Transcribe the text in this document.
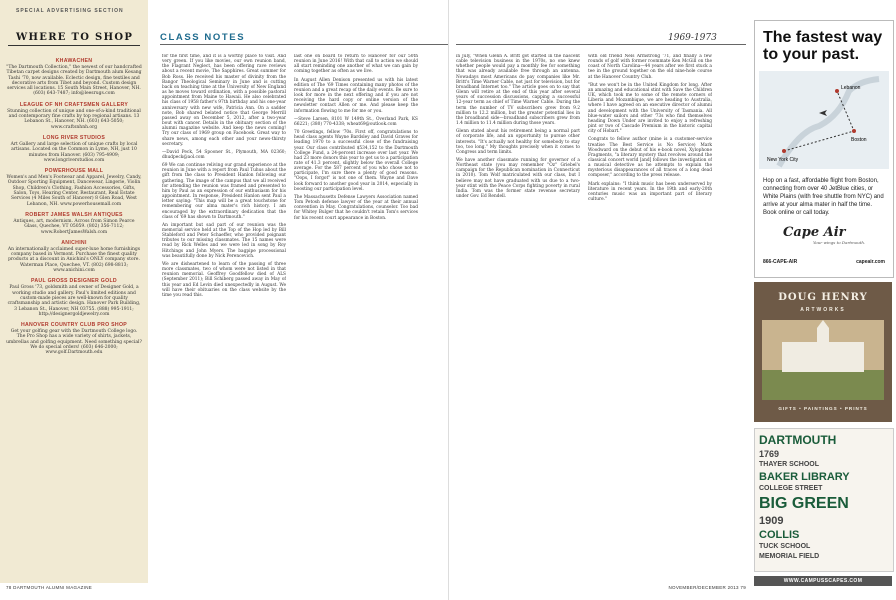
SPECIAL ADVERTISING SECTION
WHERE TO SHOP
KHAWACHEN
"The Dartmouth Collection," the newest of our handcrafted Tibetan carpet designs created by Dartmouth alum Kesang Tashi '70, now available. Eclectic design, fine textiles and decorative arts from Tibet and beyond. Custom design services all locations. 15 South Main Street, Hanover, NH. (603) 643-7487; info@leesrugs.com
LEAGUE OF NH CRAFTSMEN GALLERY
Stunning collection of unique and one-of-a-kind traditional and contemporary fine crafts by top regional artisans. 13 Lebanon St., Hanover, NH. (603) 643-5050; www.craftsnhnh.org
LONG RIVER STUDIOS
Art Gallery and large selection of unique crafts by local artisans. Located on the Common in Lyme, NH, just 10 minutes from Hanover. (603) 795-4909; www.longriverstudios.com
POWERHOUSE MALL
Women's and Men's Footwear and Apparel, Jewelry, Candy, Outdoor Sporting Equipment, Dancewear, Lingerie, Violin Shop, Children's Clothing, Fashion Accessories, Gifts, Salon, Toys, Hearing Center, Restaurant, Real Estate Services (4 Miles South of Hanover) 8 Glen Road, West Lebanon, NH. www.powerhousemall.com
ROBERT JAMES WALSH ANTIQUES
Antiques, art, modernism. Across from Simon Pearce Glass, Quechee, VT 05059. (802) 356-7112; www.RobertJamesWalsh.com
ANICHINI
An internationally acclaimed super-luxe home furnishings company based in Vermont. Purchase the finest quality products at a discount in Anichini's ONLY company store. Waterman Place, Quechee, VT. (802) 698-8813; www.anichini.com
PAUL GROSS DESIGNER GOLD
Paul Gross '73, goldsmith and owner of Designer Gold, a working studio and gallery. Paul's limited editions and custom-made pieces are well-known for quality craftsmanship and artistic design. Hanover Park Building, 3 Lebanon St., Hanover, NH 03755. (888) 995-1911; http://designergoldjewelry.com
HANOVER COUNTRY CLUB PRO SHOP
Get your golfing gear with the Dartmouth College logo. The Pro Shop has a wide variety of shirts, jackets, umbrellas and golfing equipment. Need something special? We do special orders! (603) 646-2000; www.golf.Dartmouth.edu
CLASS NOTES

for the first time, and it is a worthy place to visit. And very green. If you like movies, our own reunion band, the Flagrant Neglect, has been offering rave reviews about a recent movie, The Sapphires. Great summer for Bob Ross. He received his master of divinity from the Bangor Theological Seminary in June and is cutting back on teaching time at the University of New England as he moves toward ordination, with a possible pastoral appointment from Maine to Hawaii. He also celebrated his class of 1958 father's 97th birthday and his one-year anniversary with new wife, Patricia Ann. On a sadder note, Bob shared belated notice that George Merrill passed away on December 5, 2012, after a two-year bout with cancer. Details in the obituary section of the alumni magazine website. And keep the news coming! Try our class of 1969 group on Facebook. Great way to share news, among each other and your news-thirsty secretary.

—David Peck, 54 Spooner St., Plymouth, MA 02360; dhudpeck@aol.com

69 We can continue reliving our grand experience at the reunion in June with a report from Paul Tuhus about the gift from the class to President Hanlon following our gathering. The image of the campus that we all received for attending the reunion was framed and presented to him by Paul as an expression of our enthusiasm for his appointment. In response, President Hanlon sent Paul a letter saying: "This map will be a great touchstone for remembering our alma mater's rich history. I am encouraged by the extraordinary dedication that the class of '69 has shown to Dartmouth."

An important but sad part of our reunion was the memorial service held at the Top of the Hop led by Bill Stableford and Peter Schaeffer, who provided poignant tributes to our missing classmates. The 15 names were read by Rick Welles and we were led in song by Roy Hitchings and John Myers. The bagpipe processional was beautifully done by Nick Perencevich.

We are disheartened to learn of the passing of three more classmates, two of whom were not listed in that reunion memorial. Geoffrey Goodfellow died of ALS (September 2011); Bill Schiberg passed away in May of this year and Ed Levin died unexpectedly in August. We will have their obituaries on the class website by the time you read this.

last one on board to return to Hanover for our 50th reunion in June 2016! With that call to action we should all start reminding one another of what we can gain by coming together as often as we live.

In August Allen Denison presented us with his latest edition of The '69 Times containing many photos of the reunion and a great recap of the daily events. Be sure to look for more in the next offering and if you are not receiving the hard copy or online version of the newsletter contact Allen or me. And please keep the information flowing to me for me or you.

—Steve Larsen, 8101 W 149th St., Overland Park, KS 66221; (380) 770-4338; wheat69@outlook.com

70 Greetings, fellow '70s. First off, congratulations to head class agents Wayne Bardsley and David Graves for leading 1970 to a successful close of the fundraising year. Our class contributed $534,152 to the Dartmouth College Fund, a 24-percent increase over last year. We had 23 more donors this year to get us to a participation rate of 41.3 percent, slightly below the overall College average. For the 587 percent of you who chose not to participate, I'm sure there a plenty of good reasons. "Oops, I forgot" is not one of them. Wayne and Dave look forward to another good year in 2014, especially in boosting our participation level.

The Massachusetts Defense Lawyers Association named Tom Petosh defense lawyer of the year at their annual convention in May. Congratulations, counselor. Too bad for Whitey Bulger that he couldn't retain Tom's services for his recent court appearance in Boston.

78 DARTMOUTH ALUMNI MAGAZINE
1969-1973

in July, "When Glenn A. Britt got started in the nascent cable television business in the 1970s, no one knew whether people would pay a monthly fee for something that was already available free through an antenna. Nowadays most Americans do pay companies like Mr. Britt's Time Warner Cable, not just for television, but for broadband Internet too." The article goes on to say that Glenn will retire at the end of this year after several years of succession discussions, capping a successful 12-year term as chief of Time Warner Cable. During the term the number of TV subscribers grew from 9.2 million to 12.2 million, but the greater potential lies in the broadband side—broadband subscribers grew from 1.4 million to 11.4 million during those years.

Glenn stated about his retirement being a normal part of corporate life, and an opportunity to pursue other interests. "It's actually not healthy for somebody to stay too, too long." My thoughts precisely when it comes to Congress and term limits.

We have another classmate running for governor of a Northeast state (you may remember "Oz" Griebel's campaign for the Republican nomination in Connecticut in 2010). Tom Wolf matriculated with our class, but I believe may not have graduated with us due to a two-year stint with the Peace Corps fighting poverty in rural India. Tom was the former state revenue secretary under Gov. Ed Rendell.

with old friend Nels Armstrong '71, and finally a few rounds of golf with former roommate Ken McGill on the coast of North Carolina—44 years after we first stuck a tee in the ground together on the old nine-hole course at the Hanover Country Club.

"But we won't be in the United Kingdom for long. After an amazing and educational stint with Save the Children UK, which took me to some of the remote corners of Liberia and Mozambique, we are heading to Australia, where I have agreed on an executive director of alumni and development with the University of Tasmania. All blue-water sailors and other '73s who find themselves heading Down Under are invited to enjoy a refreshing pint or two of Cascade Premium in the historic capital city of Hobart."

Congrats to fellow author (mine is a customer-service treatise The Best Service is No Service) Mark Woodward on the debut of his e-book novel, Xylophone Fragments, "a literary mystery that revolves around the classical concert world [and] follows the investigation of a musical detective as he attempts to explain the mysterious disappearances of all traces of a long dead composer," according to the press release.

Mark explains: "I think music has been underserved by literature in recent years. In the 19th and early-20th centuries music was an important part of literary culture."

The fastest way to your past.
Lebanon
Boston
New York City
Hop on a fast, affordable flight from Boston, connecting from over 40 JetBlue cities, or White Plains (with free shuttle from NYC) and arrive at your alma mater in half the time. Book online or call today.
Cape Air
Your wings to Dartmouth.
866-CAPE-AIR	capeair.com
DOUG HENRY
ARTWORKS
GIFTS • PAINTINGS • PRINTS
DARTMOUTH
1769
THAYER SCHOOL
BAKER LIBRARY
COLLEGE STREET
BIG GREEN
1909
COLLIS
TUCK SCHOOL
MEMORIAL FIELD
WWW.CAMPUSSCAPES.COM
NOVEMBER/DECEMBER 2013 79
